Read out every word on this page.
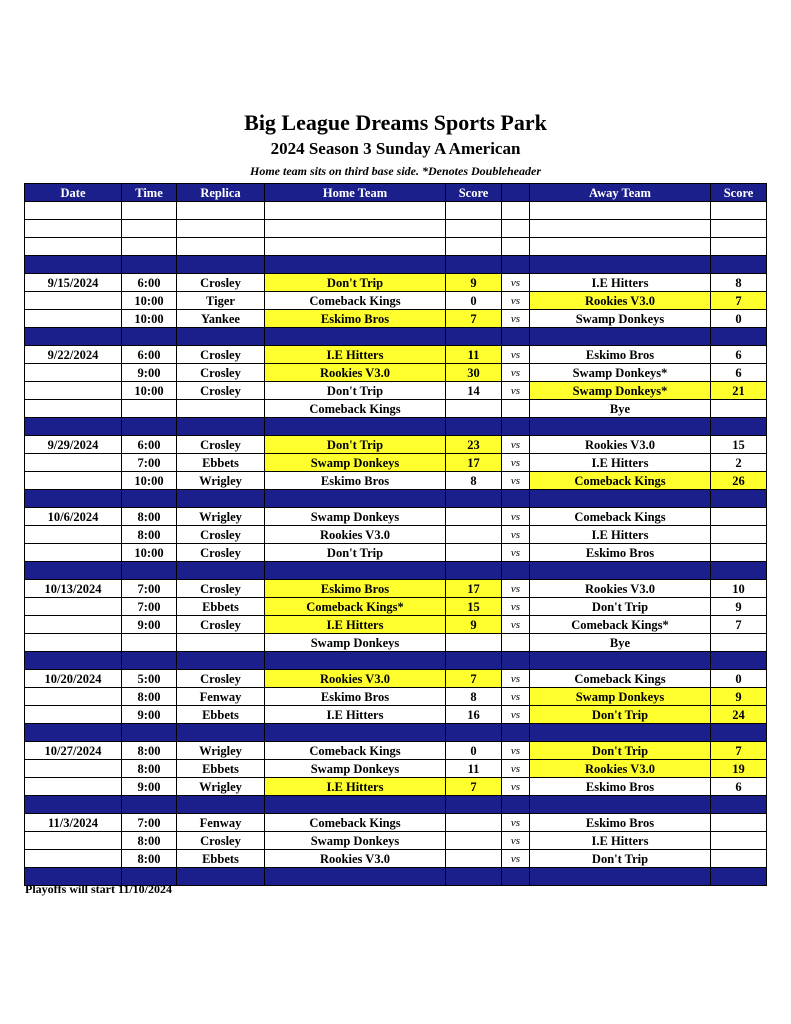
Big League Dreams Sports Park
2024 Season 3 Sunday A American
Home team sits on third base side. *Denotes Doubleheader
Date	Time	Replica	Home Team	Score		Away Team	Score

9/15/2024	6:00	Crosley	Don't Trip	9	vs	I.E Hitters	8
	10:00	Tiger	Comeback Kings	0	vs	Rookies V3.0	7
	10:00	Yankee	Eskimo Bros	7	vs	Swamp Donkeys	0

9/22/2024	6:00	Crosley	I.E Hitters	11	vs	Eskimo Bros	6
	9:00	Crosley	Rookies V3.0	30	vs	Swamp Donkeys*	6
	10:00	Crosley	Don't Trip	14	vs	Swamp Donkeys*	21
			Comeback Kings			Bye	

9/29/2024	6:00	Crosley	Don't Trip	23	vs	Rookies V3.0	15
	7:00	Ebbets	Swamp Donkeys	17	vs	I.E Hitters	2
	10:00	Wrigley	Eskimo Bros	8	vs	Comeback Kings	26

10/6/2024	8:00	Wrigley	Swamp Donkeys		vs	Comeback Kings	
	8:00	Crosley	Rookies V3.0		vs	I.E Hitters	
	10:00	Crosley	Don't Trip		vs	Eskimo Bros	

10/13/2024	7:00	Crosley	Eskimo Bros	17	vs	Rookies V3.0	10
	7:00	Ebbets	Comeback Kings*	15	vs	Don't Trip	9
	9:00	Crosley	I.E Hitters	9	vs	Comeback Kings*	7
			Swamp Donkeys			Bye	

10/20/2024	5:00	Crosley	Rookies V3.0	7	vs	Comeback Kings	0
	8:00	Fenway	Eskimo Bros	8	vs	Swamp Donkeys	9
	9:00	Ebbets	I.E Hitters	16	vs	Don't Trip	24

10/27/2024	8:00	Wrigley	Comeback Kings	0	vs	Don't Trip	7
	8:00	Ebbets	Swamp Donkeys	11	vs	Rookies V3.0	19
	9:00	Wrigley	I.E Hitters	7	vs	Eskimo Bros	6

11/3/2024	7:00	Fenway	Comeback Kings		vs	Eskimo Bros	
	8:00	Crosley	Swamp Donkeys		vs	I.E Hitters	
	8:00	Ebbets	Rookies V3.0		vs	Don't Trip	

Playoffs will start 11/10/2024
